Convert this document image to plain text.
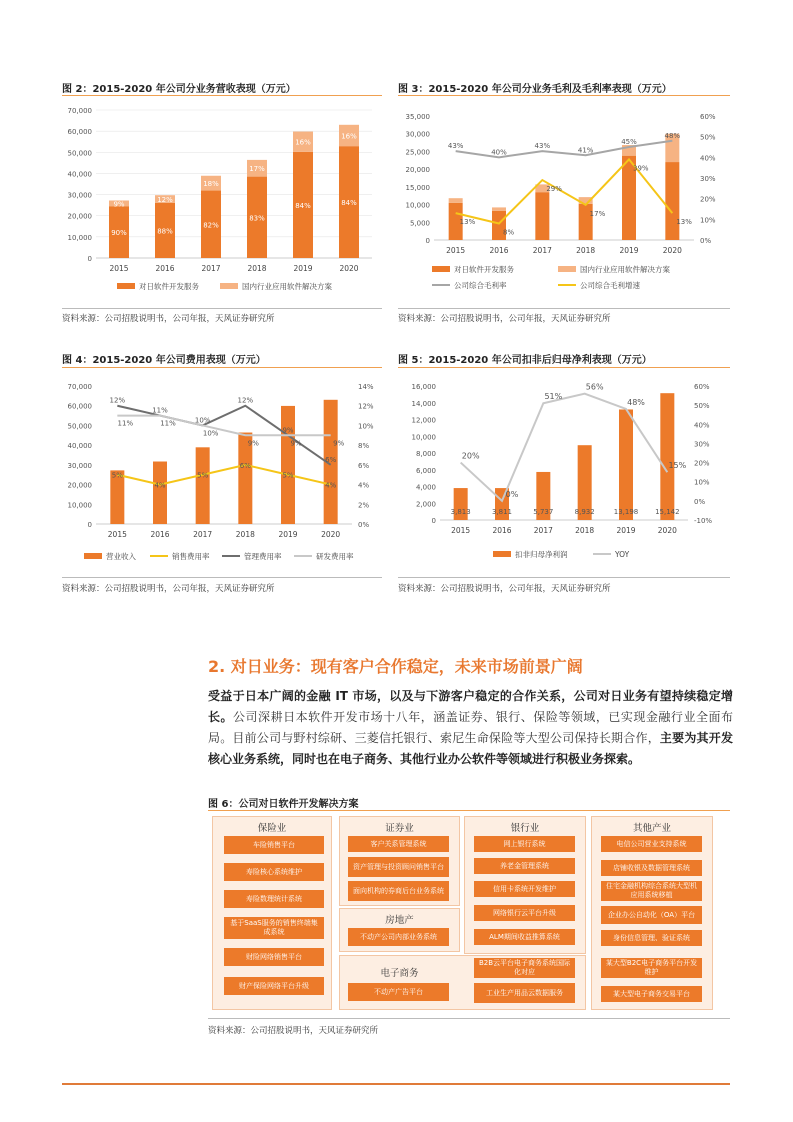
图 2：2015-2020 年公司分业务营收表现（万元）
0
10,000
20,000
30,000
40,000
50,000
60,000
70,000
2015	2016	2017	2018	2019	2020
90%	88%
82%
83%
84%	84%
9%
12%
18%
17%
16%
16%
对日软件开发服务	国内行业应用软件解决方案
资料来源：公司招股说明书，公司年报，天风证券研究所
图 3：2015-2020 年公司分业务毛利及毛利率表现（万元）
0
5,000
10,000
15,000
20,000
25,000
30,000
35,000
0%
10%
20%
30%
40%
50%
60%
2015	2016	2017	2018	2019	2020
43%
40%
43%
41%
45%
48%
13%
8%
29%
17%
39%
13%
对日软件开发服务	国内行业应用软件解决方案
公司综合毛利率	公司综合毛利增速
资料来源：公司招股说明书，公司年报，天风证券研究所
图 4：2015-2020 年公司费用表现（万元）
0
10,000
20,000
30,000
40,000
50,000
60,000
70,000
0%
2%
4%
6%
8%
10%
12%
14%
2015	2016	2017	2018	2019	2020
5%
4%
5%
6%
5%
4%
12%
11%
10%
12%
9%
6%
11%	11%
10%
9%	9%	9%
营业收入	销售费用率	管理费用率	研发费用率
资料来源：公司招股说明书，公司年报，天风证券研究所
图 5：2015-2020 年公司扣非后归母净利表现（万元）
0
2,000
4,000
6,000
8,000
10,000
12,000
14,000
16,000
-10%
0%
10%
20%
30%
40%
50%
60%
2015	2016	2017	2018	2019	2020
3,813	3,811	5,737	8,932	13,198 15,142
20%
0%
51%
56%
48%
15%
扣非归母净利润	YOY
资料来源：公司招股说明书，公司年报，天风证券研究所
2. 对日业务：现有客户合作稳定，未来市场前景广阔
受益于日本广阔的金融 IT 市场，以及与下游客户稳定的合作关系，公司对日业务有望持续稳定增长。公司深耕日本软件开发市场十八年，涵盖证券、银行、保险等领域，已实现金融行业全面布局。目前公司与野村综研、三菱信托银行、索尼生命保险等大型公司保持长期合作，主要为其开发核心业务系统，同时也在电子商务、其他行业办公软件等领域进行积极业务探索。
图 6：公司对日软件开发解决方案
保险业
车险销售平台
寿险核心系统维护
寿险数理统计系统
基于SaaS服务的销售终端集成系统
财险网络销售平台
财产保险网络平台升级
证券业
客户关系管理系统
资产管理与投资顾问销售平台
面向机构的券商后台业务系统
房地产
不动产公司内部业务系统
电子商务
不动产广告平台
B2B云平台电子商务系统国际化对应
工业生产用品云数据服务
银行业
网上银行系统
养老金管理系统
信用卡系统开发维护
网络银行云平台升级
ALM期间收益推算系统
其他产业
电信公司营业支持系统
店铺收银及数据管理系统
住宅金融机构综合系统大型机应用系统移植
企业办公自动化（OA）平台
身份信息管理、验证系统
某大型B2C电子商务平台开发维护
某大型电子商务交易平台
资料来源：公司招股说明书，天风证券研究所
